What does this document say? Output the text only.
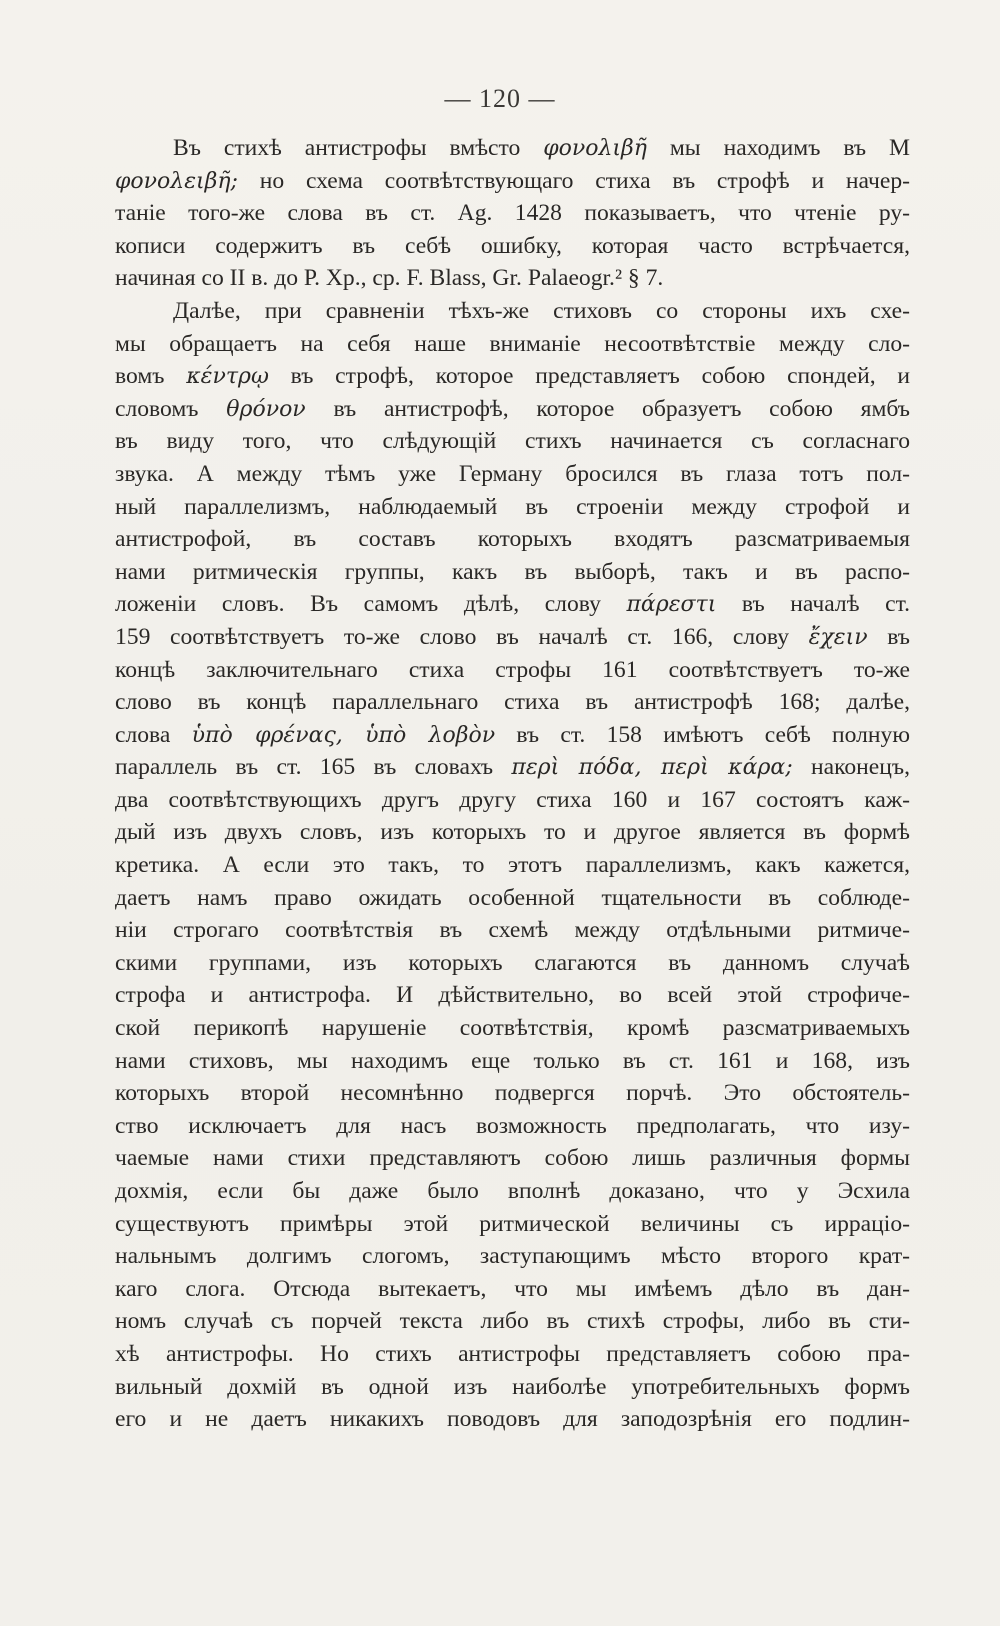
— 120 —
Въ стихѣ антистрофы вмѣсто φονολιβῆ мы находимъ въ M
φονολειβῆ; но схема соотвѣтствующаго стиха въ строфѣ и начер-
таніе того-же слова въ ст. Ag. 1428 показываетъ, что чтеніе ру-
кописи содержитъ въ себѣ ошибку, которая часто встрѣчается,
начиная со II в. до Р. Хр., ср. F. Blass, Gr. Palaeogr.² § 7.
Далѣе, при сравненіи тѣхъ-же стиховъ со стороны ихъ схе-
мы обращаетъ на себя наше вниманіе несоотвѣтствіе между сло-
вомъ κέντρῳ въ строфѣ, которое представляетъ собою спондей, и
словомъ θρόνον въ антистрофѣ, которое образуетъ собою ямбъ
въ виду того, что слѣдующій стихъ начинается съ согласнаго
звука. А между тѣмъ уже Герману бросился въ глаза тотъ пол-
ный параллелизмъ, наблюдаемый въ строеніи между строфой и
антистрофой, въ составъ которыхъ входятъ разсматриваемыя
нами ритмическія группы, какъ въ выборѣ, такъ и въ распо-
ложеніи словъ. Въ самомъ дѣлѣ, слову πάρεστι въ началѣ ст.
159 соотвѣтствуетъ то-же слово въ началѣ ст. 166, слову ἔχειν въ
концѣ заключительнаго стиха строфы 161 соотвѣтствуетъ то-же
слово въ концѣ параллельнаго стиха въ антистрофѣ 168; далѣе,
слова ὑπὸ φρένας, ὑπὸ λοβὸν въ ст. 158 имѣютъ себѣ полную
параллель въ ст. 165 въ словахъ περὶ πόδα, περὶ κάρα; наконецъ,
два соотвѣтствующихъ другъ другу стиха 160 и 167 состоятъ каж-
дый изъ двухъ словъ, изъ которыхъ то и другое является въ формѣ
кретика. А если это такъ, то этотъ параллелизмъ, какъ кажется,
даетъ намъ право ожидать особенной тщательности въ соблюде-
ніи строгаго соотвѣтствія въ схемѣ между отдѣльными ритмиче-
скими группами, изъ которыхъ слагаются въ данномъ случаѣ
строфа и антистрофа. И дѣйствительно, во всей этой строфиче-
ской перикопѣ нарушеніе соотвѣтствія, кромѣ разсматриваемыхъ
нами стиховъ, мы находимъ еще только въ ст. 161 и 168, изъ
которыхъ второй несомнѣнно подвергся порчѣ. Это обстоятель-
ство исключаетъ для насъ возможность предполагать, что изу-
чаемые нами стихи представляютъ собою лишь различныя формы
дохмія, если бы даже было вполнѣ доказано, что у Эсхила
существуютъ примѣры этой ритмической величины съ ирраціо-
нальнымъ долгимъ слогомъ, заступающимъ мѣсто второго крат-
каго слога. Отсюда вытекаетъ, что мы имѣемъ дѣло въ дан-
номъ случаѣ съ порчей текста либо въ стихѣ строфы, либо въ сти-
хѣ антистрофы. Но стихъ антистрофы представляетъ собою пра-
вильный дохмій въ одной изъ наиболѣе употребительныхъ формъ
его и не даетъ никакихъ поводовъ для заподозрѣнія его подлин-
